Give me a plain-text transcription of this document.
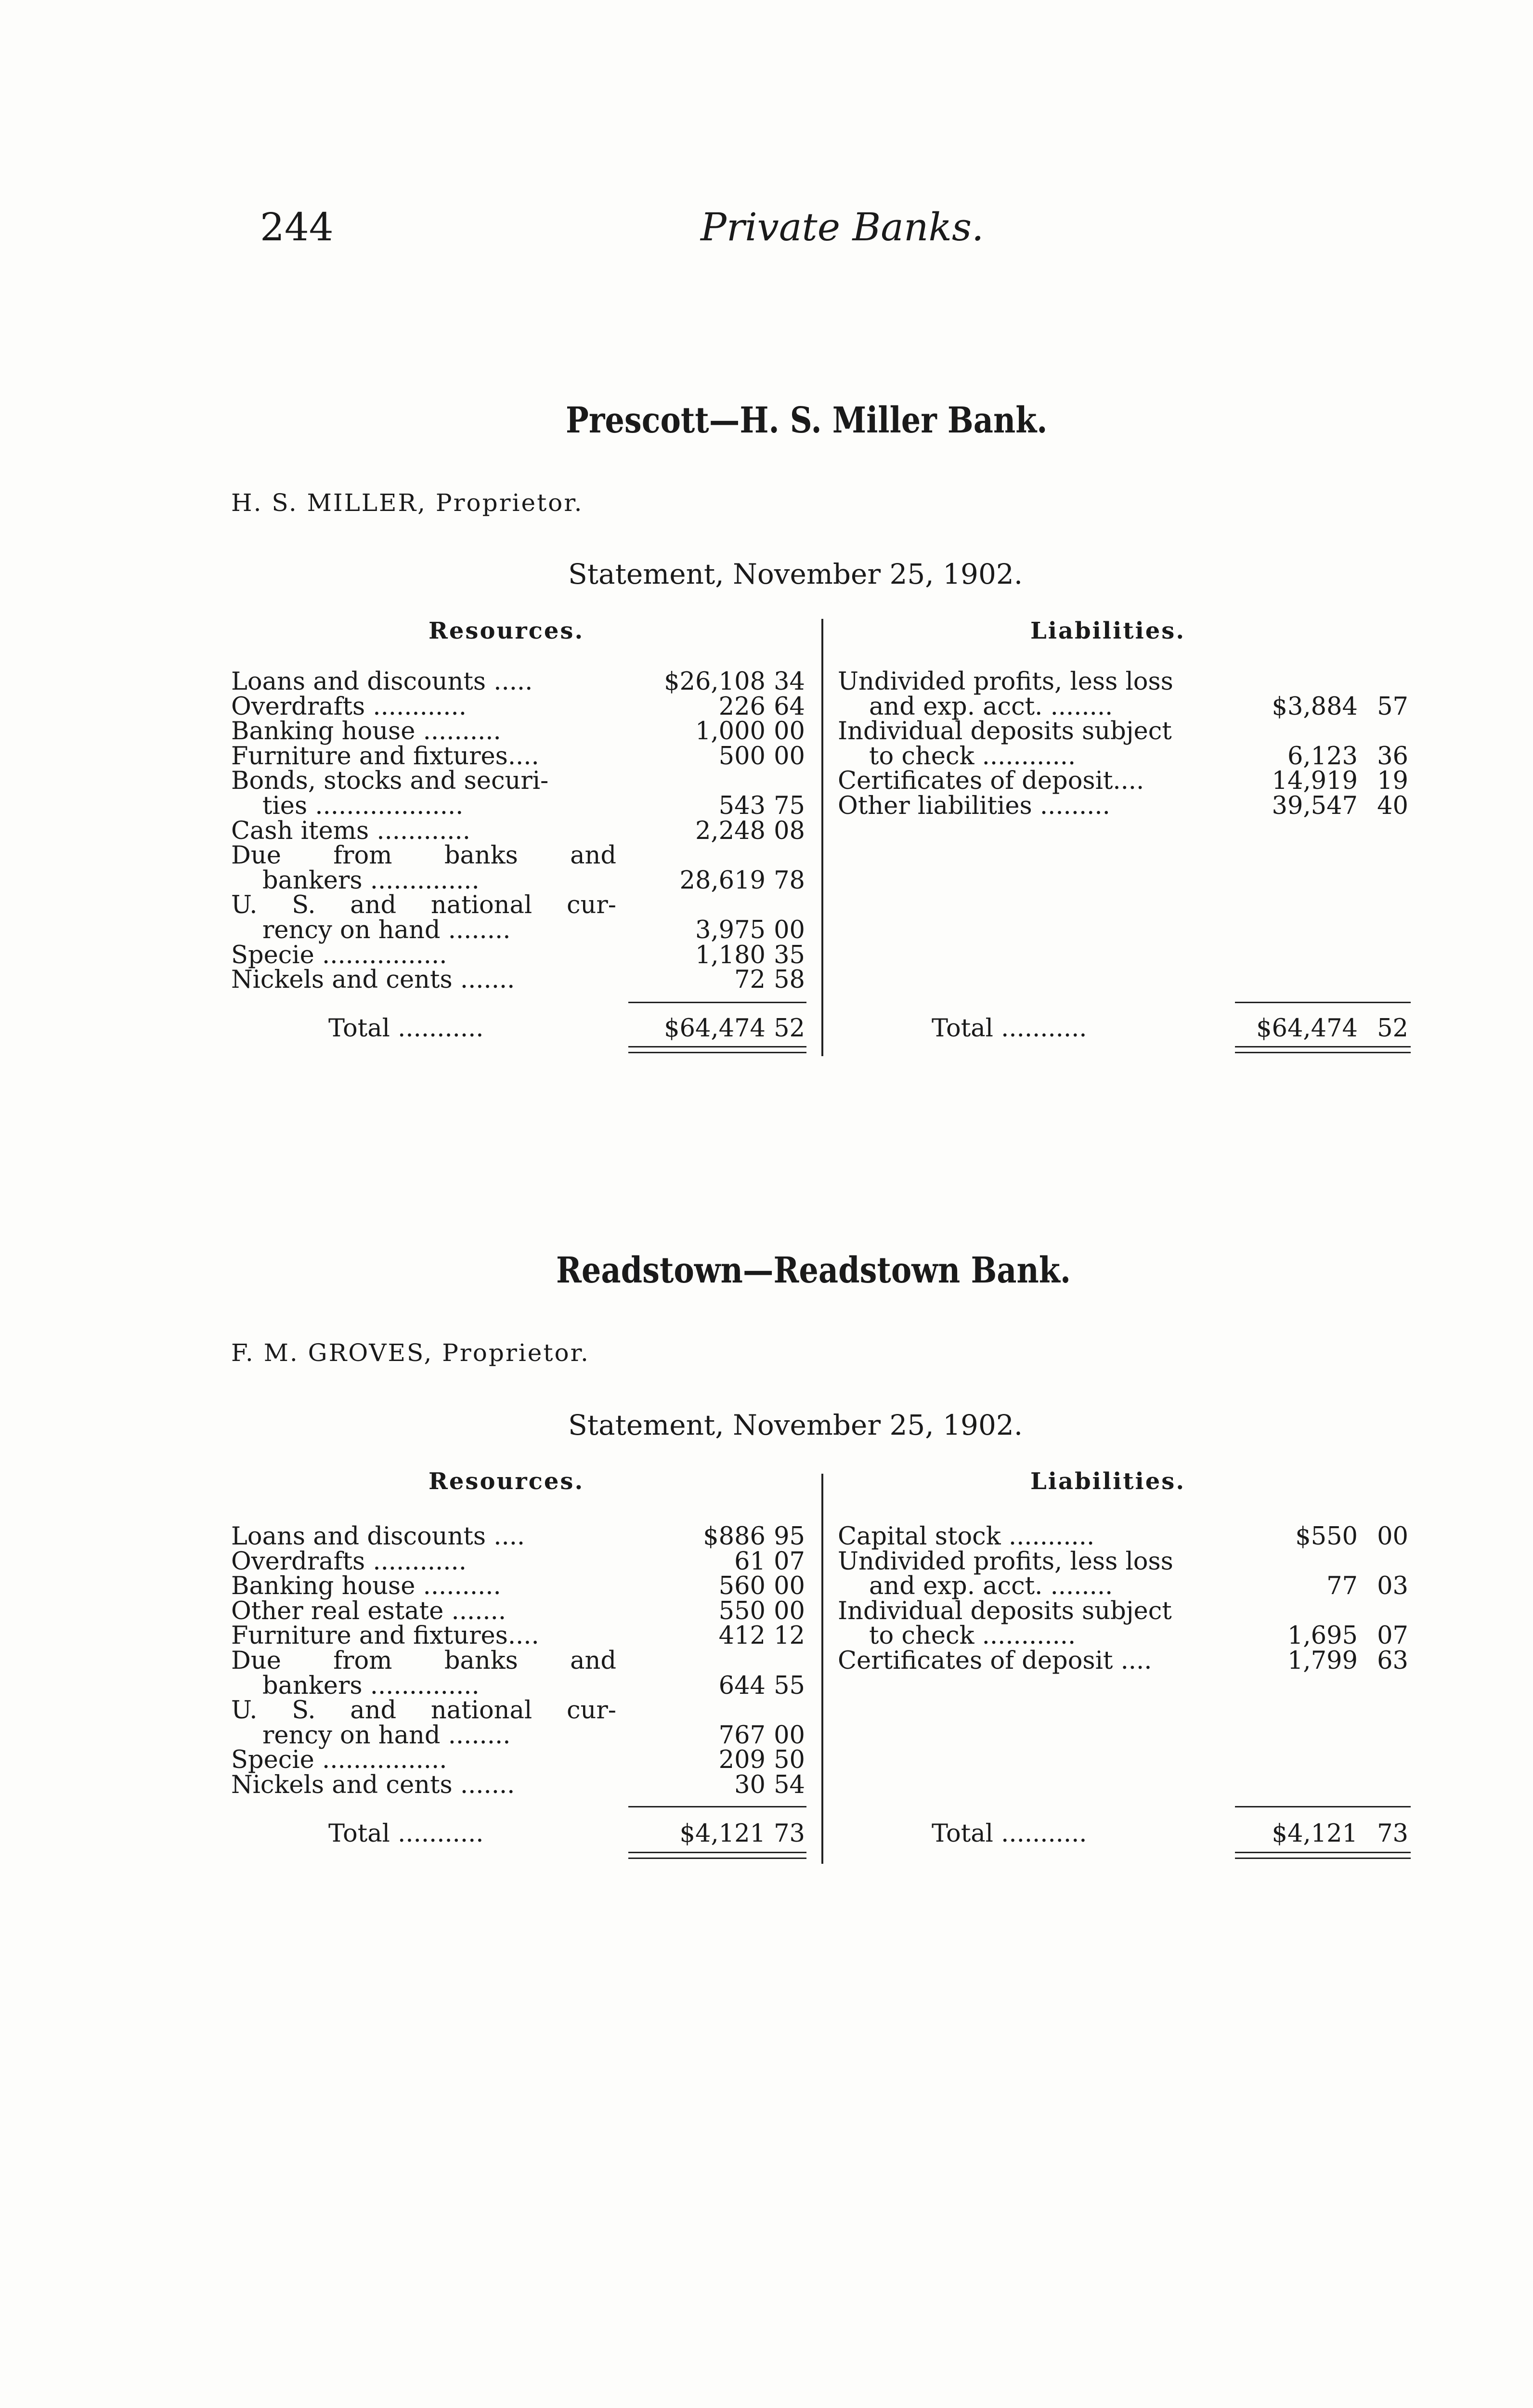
244	Private Banks.
Prescott—H. S. Miller Bank.
H. S. MILLER, Proprietor.
Statement, November 25, 1902.
Resources.	Liabilities.
Loans and discounts .....	$26,108 34
Overdrafts ............	226 64
Banking house ..........	1,000 00
Furniture and fixtures....	500 00
Bonds, stocks and securi-
ties ...................	543 75
Cash items ............	2,248 08
Due from banks and
bankers ..............	28,619 78
U. S. and national cur-
rency on hand ........	3,975 00
Specie ................	1,180 35
Nickels and cents .......	72 58
Total ...........	$64,474 52
Undivided profits, less loss
and exp. acct. ........	$3,884 57
Individual deposits subject
to check ............	6,123 36
Certificates of deposit....	14,919 19
Other liabilities .........	39,547 40
Total ...........	$64,474 52
Readstown—Readstown Bank.
F. M. GROVES, Proprietor.
Statement, November 25, 1902.
Resources.	Liabilities.
Loans and discounts ....	$886 95
Overdrafts ............	61 07
Banking house ..........	560 00
Other real estate .......	550 00
Furniture and fixtures....	412 12
Due from banks and
bankers ..............	644 55
U. S. and national cur-
rency on hand ........	767 00
Specie ................	209 50
Nickels and cents .......	30 54
Total ...........	$4,121 73
Capital stock ...........	$550 00
Undivided profits, less loss
and exp. acct. ........	77 03
Individual deposits subject
to check ............	1,695 07
Certificates of deposit ....	1,799 63
Total ...........	$4,121 73
